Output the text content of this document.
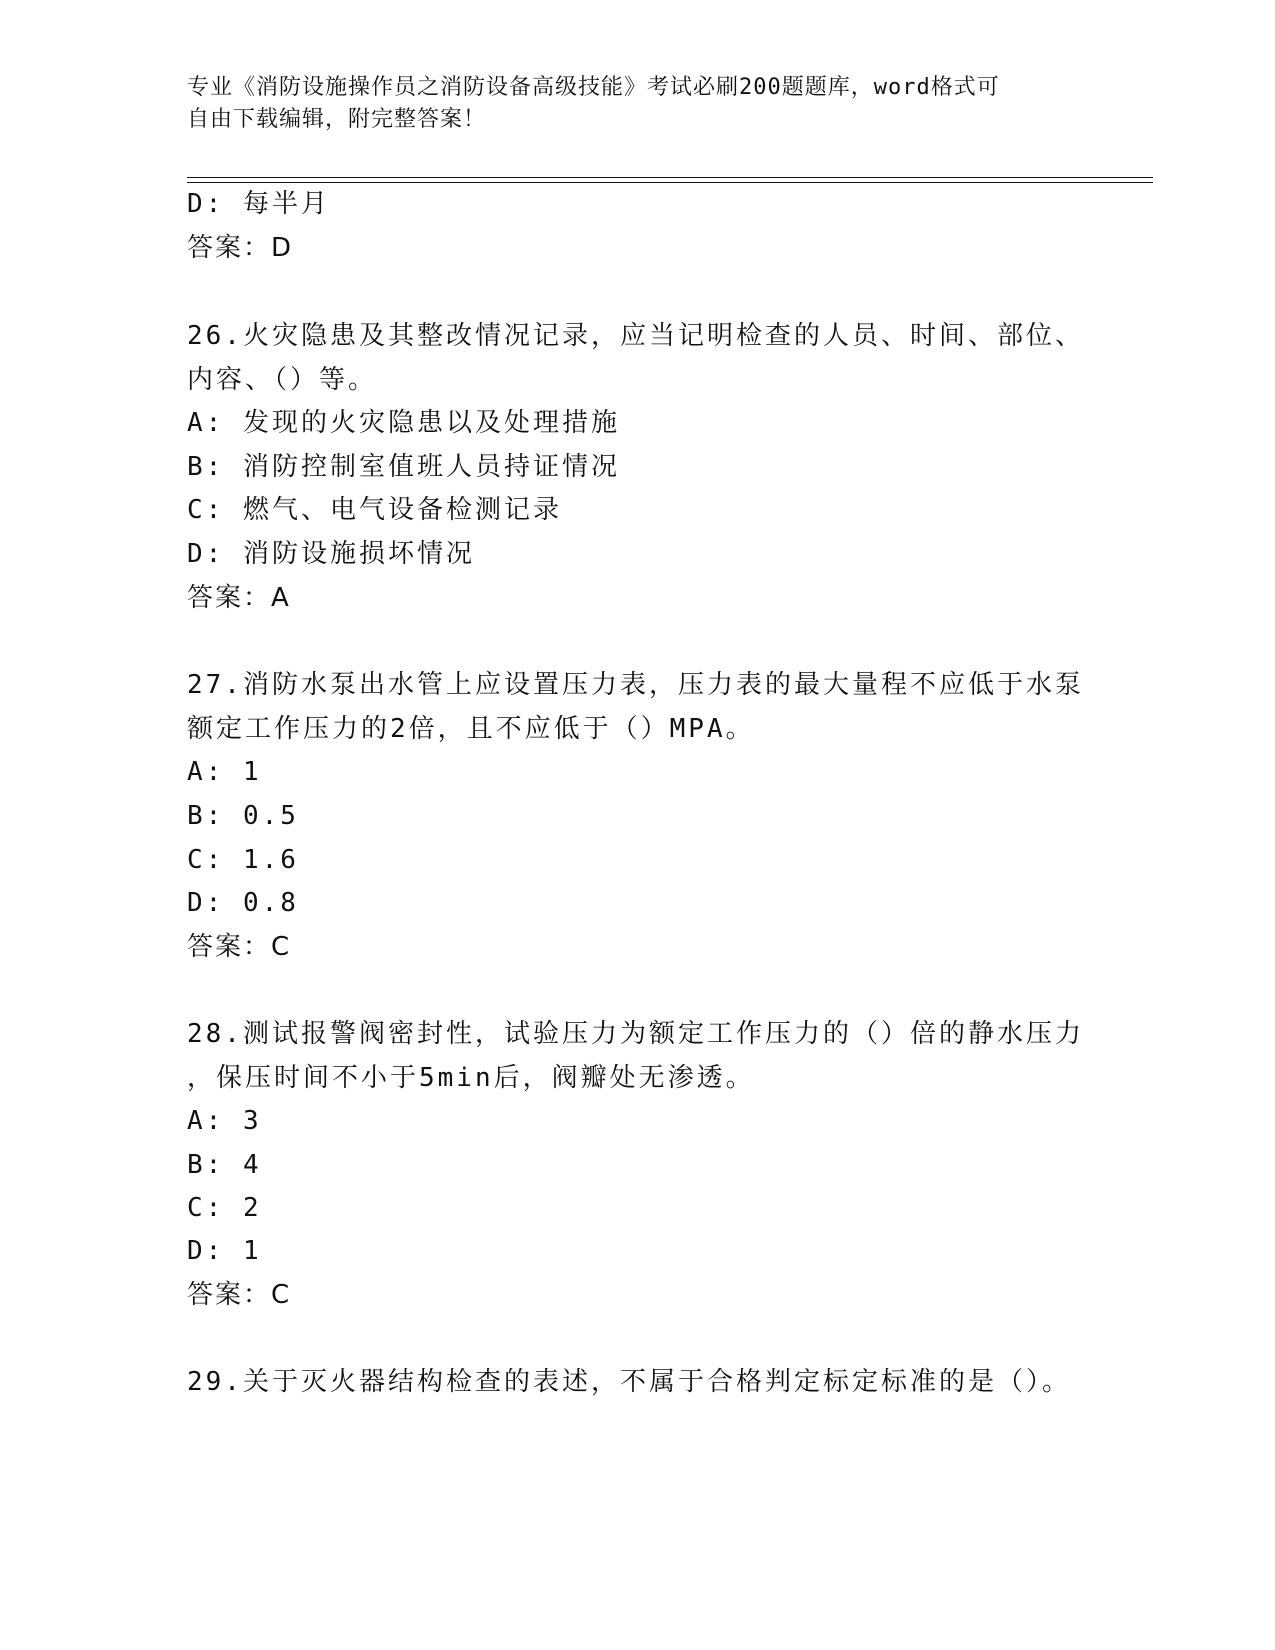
专业《消防设施操作员之消防设备高级技能》考试必刷200题题库，word格式可
自由下载编辑，附完整答案！
D: 每半月
答案：D
26.火灾隐患及其整改情况记录，应当记明检查的人员、时间、部位、
内容、（）等。
A: 发现的火灾隐患以及处理措施
B: 消防控制室值班人员持证情况
C: 燃气、电气设备检测记录
D: 消防设施损坏情况
答案：A
27.消防水泵出水管上应设置压力表，压力表的最大量程不应低于水泵
额定工作压力的2倍，且不应低于（）MPA。
A: 1
B: 0.5
C: 1.6
D: 0.8
答案：C
28.测试报警阀密封性，试验压力为额定工作压力的（）倍的静水压力
，保压时间不小于5min后，阀瓣处无渗透。
A: 3
B: 4
C: 2
D: 1
答案：C
29.关于灭火器结构检查的表述，不属于合格判定标定标准的是（）。
